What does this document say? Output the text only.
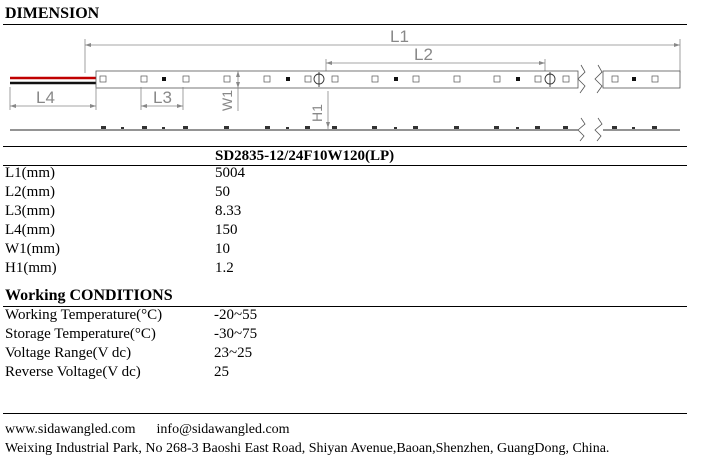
DIMENSION
L1
L2
L4	L3	W1
H1
SD2835-12/24F10W120(LP)
L1(mm)	5004
L2(mm)	50
L3(mm)	8.33
L4(mm)	150
W1(mm)	10
H1(mm)	1.2
Working CONDITIONS
Working Temperature(°C)	-20~55
Storage Temperature(°C)	-30~75
Voltage Range(V dc)	23~25
Reverse Voltage(V dc)	25
www.sidawangled.com info@sidawangled.com
Weixing Industrial Park, No 268-3 Baoshi East Road, Shiyan Avenue,Baoan,Shenzhen, GuangDong, China.
